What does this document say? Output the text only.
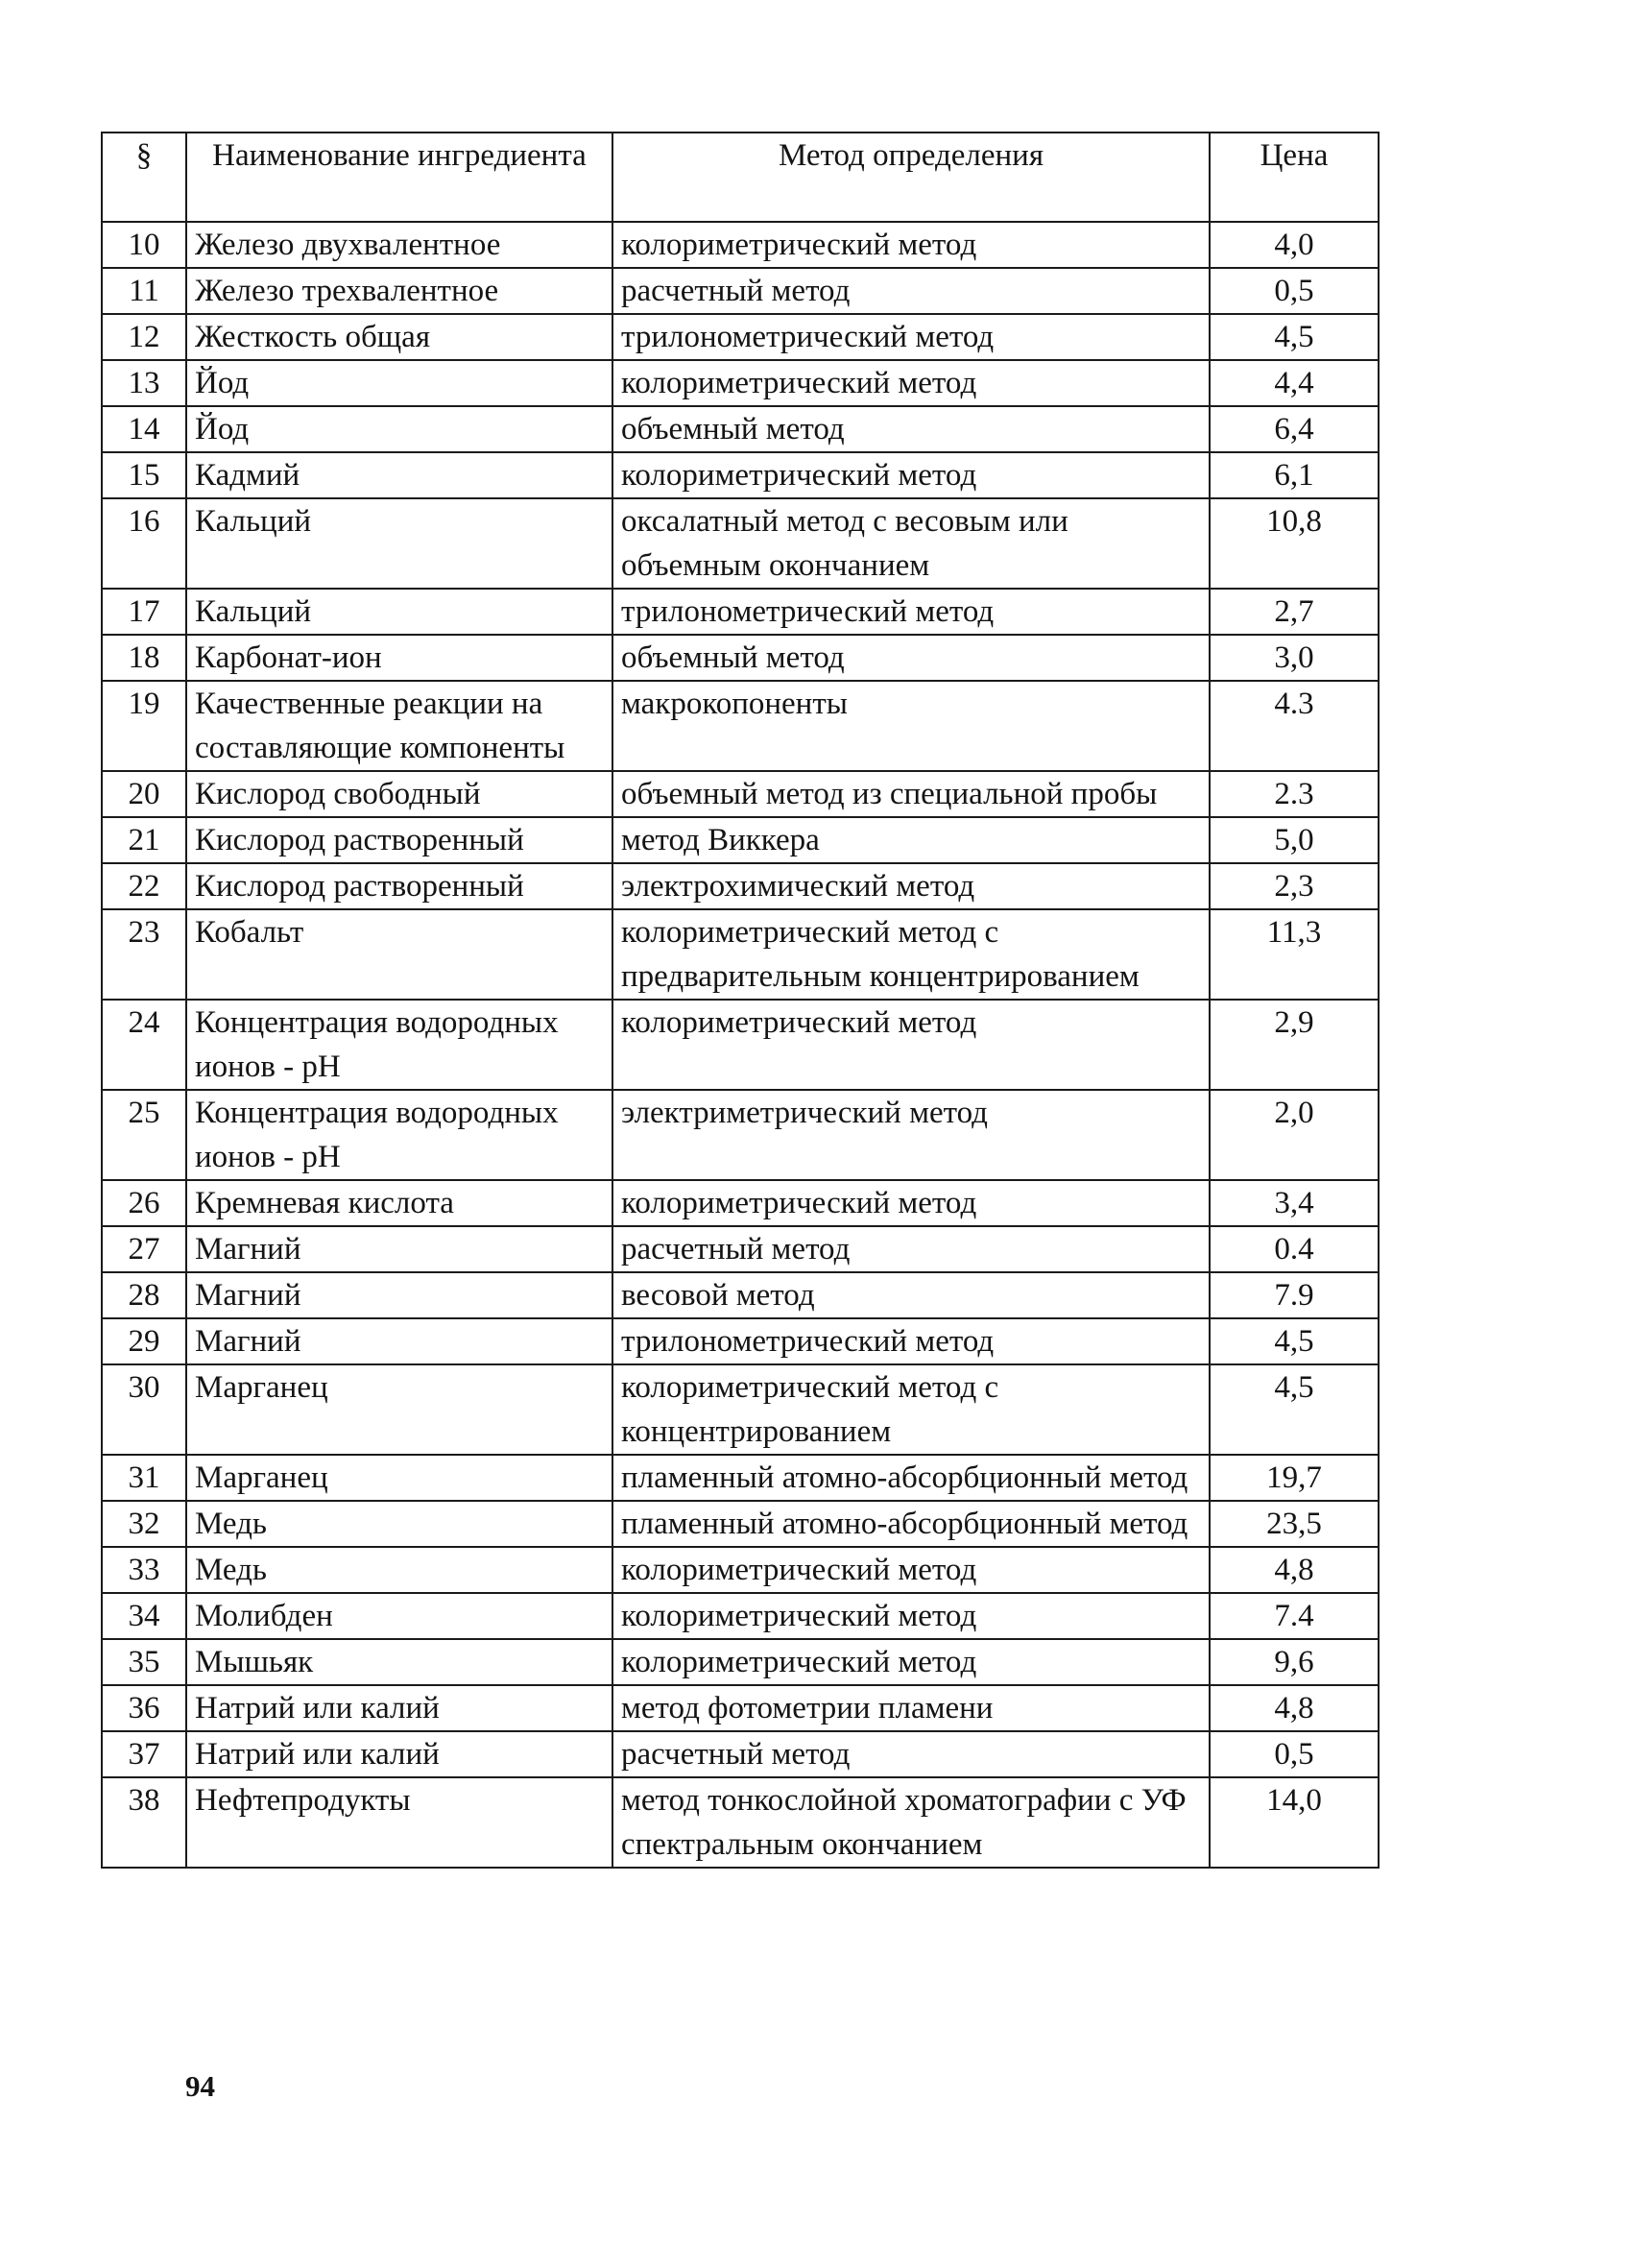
§	Наименование ингредиента	Метод определения	Цена
10	Железо двухвалентное	колориметрический метод	4,0
11	Железо трехвалентное	расчетный метод	0,5
12	Жесткость общая	трилонометрический метод	4,5
13	Йод	колориметрический метод	4,4
14	Йод	объемный метод	6,4
15	Кадмий	колориметрический метод	6,1
16	Кальций	оксалатный метод с весовым или объемным окончанием	10,8
17	Кальций	трилонометрический метод	2,7
18	Карбонат-ион	объемный метод	3,0
19	Качественные реакции на составляющие компоненты	макрокопоненты	4.3
20	Кислород свободный	объемный метод из специальной пробы	2.3
21	Кислород растворенный	метод Виккера	5,0
22	Кислород растворенный	электрохимический метод	2,3
23	Кобальт	колориметрический метод с предварительным концентрированием	11,3
24	Концентрация водородных ионов - рН	колориметрический метод	2,9
25	Концентрация водородных ионов - рН	электриметрический метод	2,0
26	Кремневая кислота	колориметрический метод	3,4
27	Магний	расчетный метод	0.4
28	Магний	весовой метод	7.9
29	Магний	трилонометрический метод	4,5
30	Марганец	колориметрический метод с концентрированием	4,5
31	Марганец	пламенный атомно-абсорбционный метод	19,7
32	Медь	пламенный атомно-абсорбционный метод	23,5
33	Медь	колориметрический метод	4,8
34	Молибден	колориметрический метод	7.4
35	Мышьяк	колориметрический метод	9,6
36	Натрий или калий	метод фотометрии пламени	4,8
37	Натрий или калий	расчетный метод	0,5
38	Нефтепродукты	метод тонкослойной хроматографии с УФ спектральным окончанием	14,0
94
